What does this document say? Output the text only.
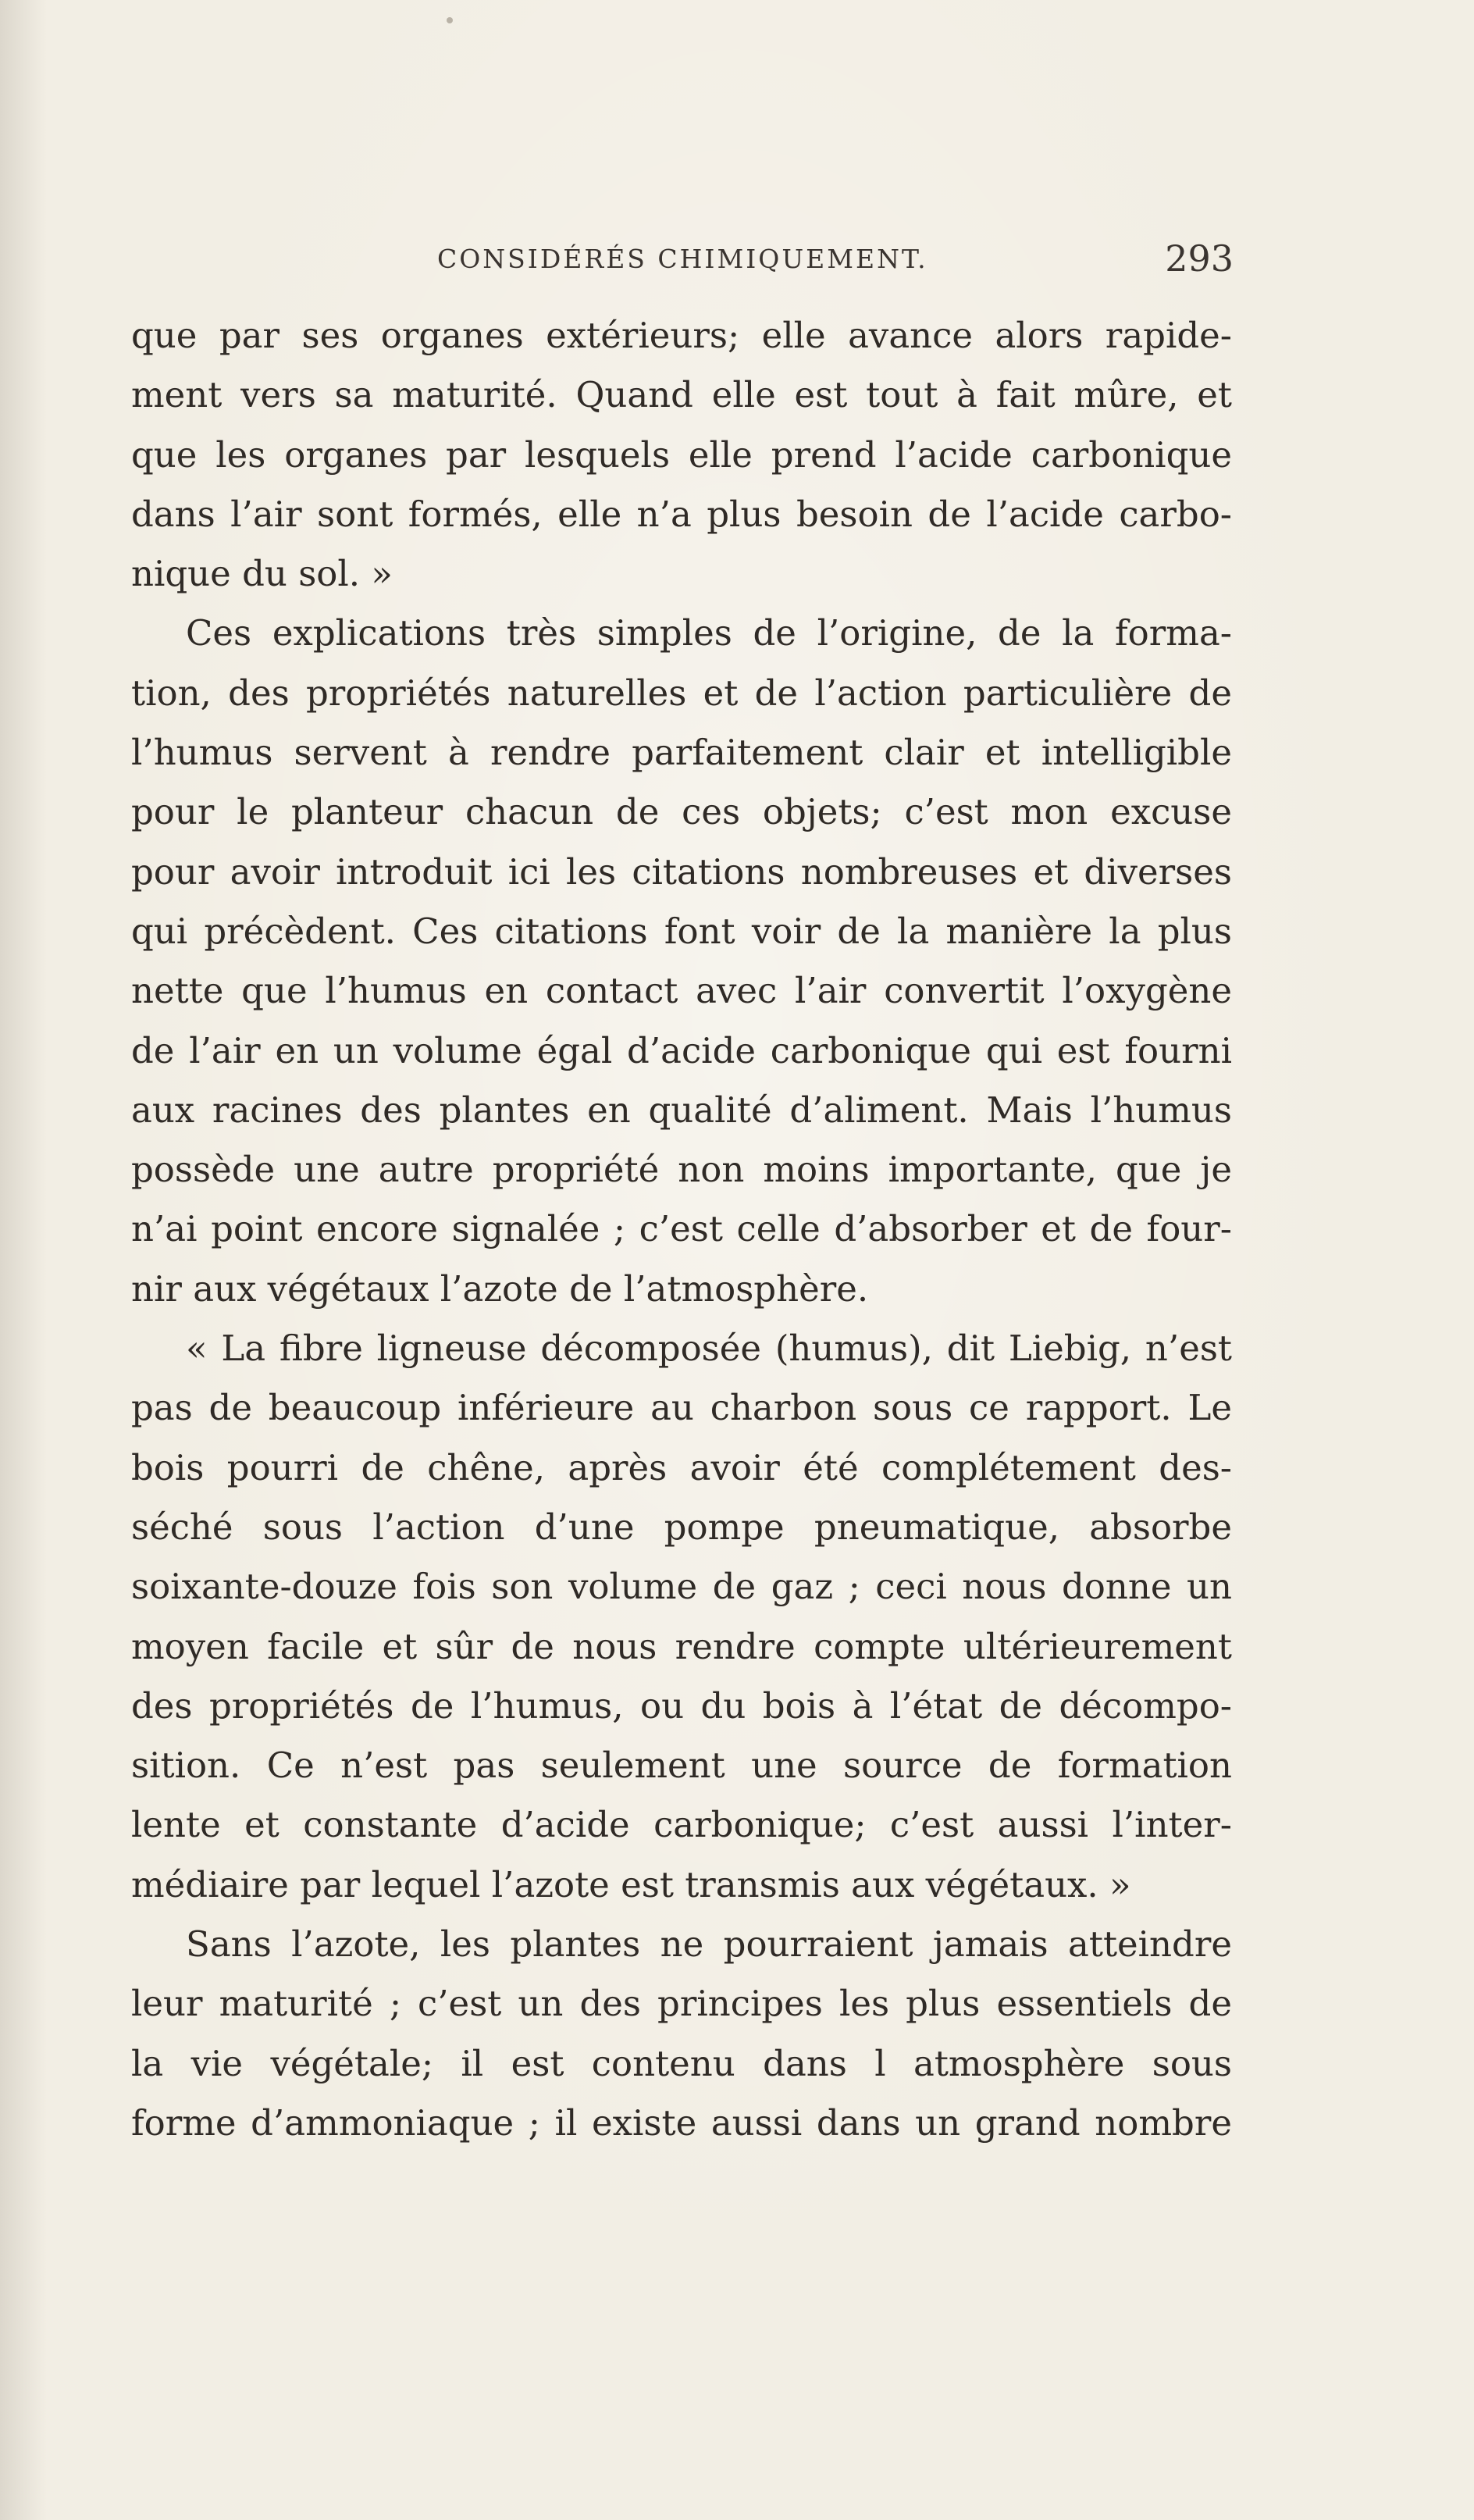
CONSIDÉRÉS CHIMIQUEMENT.	293
que par ses organes extérieurs; elle avance alors rapide-
ment vers sa maturité. Quand elle est tout à fait mûre, et
que les organes par lesquels elle prend l’acide carbonique
dans l’air sont formés, elle n’a plus besoin de l’acide carbo-
nique du sol. »
Ces explications très simples de l’origine, de la forma-
tion, des propriétés naturelles et de l’action particulière de
l’humus servent à rendre parfaitement clair et intelligible
pour le planteur chacun de ces objets; c’est mon excuse
pour avoir introduit ici les citations nombreuses et diverses
qui précèdent. Ces citations font voir de la manière la plus
nette que l’humus en contact avec l’air convertit l’oxygène
de l’air en un volume égal d’acide carbonique qui est fourni
aux racines des plantes en qualité d’aliment. Mais l’humus
possède une autre propriété non moins importante, que je
n’ai point encore signalée ; c’est celle d’absorber et de four-
nir aux végétaux l’azote de l’atmosphère.
« La fibre ligneuse décomposée (humus), dit Liebig, n’est
pas de beaucoup inférieure au charbon sous ce rapport. Le
bois pourri de chêne, après avoir été complétement des-
séché sous l’action d’une pompe pneumatique, absorbe
soixante-douze fois son volume de gaz ; ceci nous donne un
moyen facile et sûr de nous rendre compte ultérieurement
des propriétés de l’humus, ou du bois à l’état de décompo-
sition. Ce n’est pas seulement une source de formation
lente et constante d’acide carbonique; c’est aussi l’inter-
médiaire par lequel l’azote est transmis aux végétaux. »
Sans l’azote, les plantes ne pourraient jamais atteindre
leur maturité ; c’est un des principes les plus essentiels de
la vie végétale; il est contenu dans l atmosphère sous
forme d’ammoniaque ; il existe aussi dans un grand nombre
